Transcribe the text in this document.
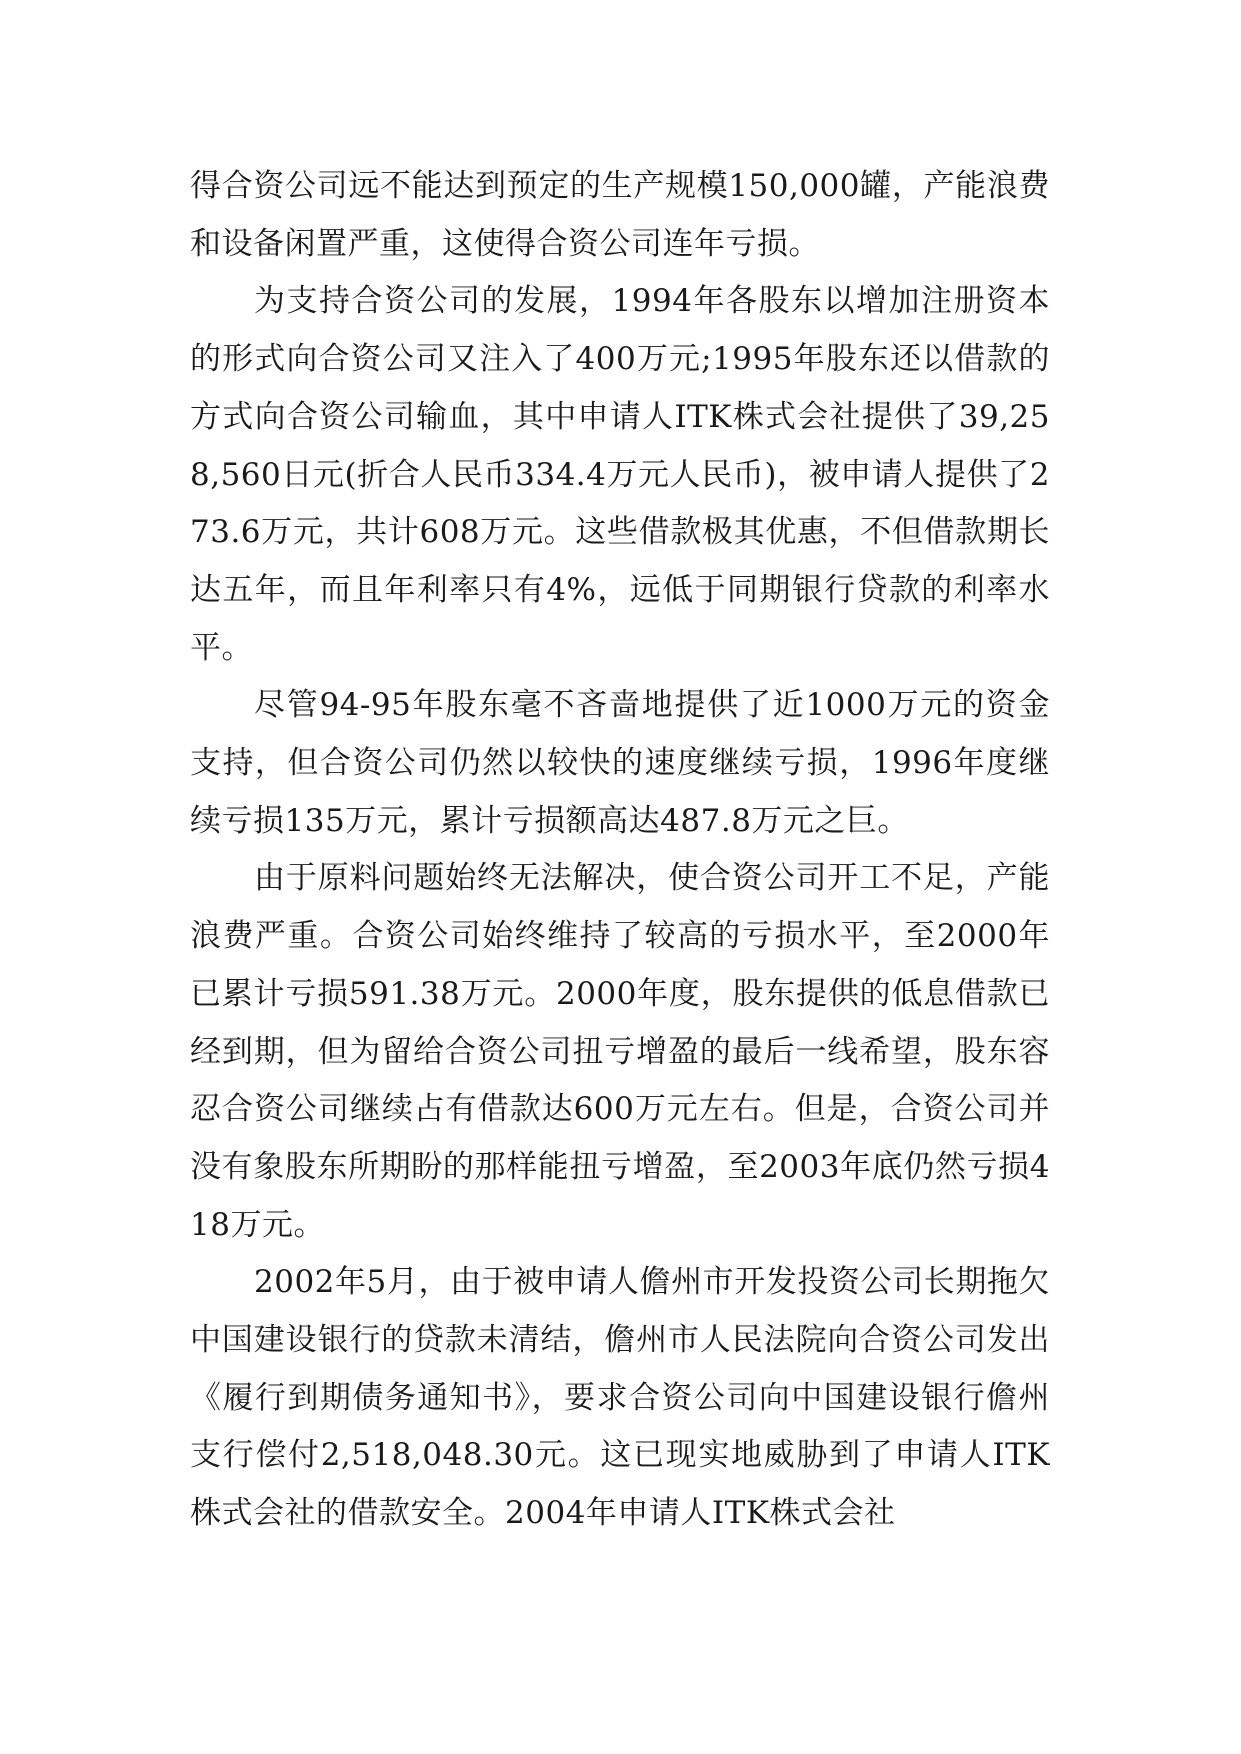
得合资公司远不能达到预定的生产规模150,000罐，产能浪费和设备闲置严重，这使得合资公司连年亏损。

为支持合资公司的发展，1994年各股东以增加注册资本的形式向合资公司又注入了400万元;1995年股东还以借款的方式向合资公司输血，其中申请人ITK株式会社提供了39,258,560日元(折合人民币334.4万元人民币)，被申请人提供了273.6万元，共计608万元。这些借款极其优惠，不但借款期长达五年，而且年利率只有4%，远低于同期银行贷款的利率水平。

尽管94-95年股东毫不吝啬地提供了近1000万元的资金支持，但合资公司仍然以较快的速度继续亏损，1996年度继续亏损135万元，累计亏损额高达487.8万元之巨。

由于原料问题始终无法解决，使合资公司开工不足，产能浪费严重。合资公司始终维持了较高的亏损水平，至2000年已累计亏损591.38万元。2000年度，股东提供的低息借款已经到期，但为留给合资公司扭亏增盈的最后一线希望，股东容忍合资公司继续占有借款达600万元左右。但是，合资公司并没有象股东所期盼的那样能扭亏增盈，至2003年底仍然亏损418万元。

2002年5月，由于被申请人儋州市开发投资公司长期拖欠中国建设银行的贷款未清结，儋州市人民法院向合资公司发出《履行到期债务通知书》，要求合资公司向中国建设银行儋州支行偿付2,518,048.30元。这已现实地威胁到了申请人ITK株式会社的借款安全。2004年申请人ITK株式会社
